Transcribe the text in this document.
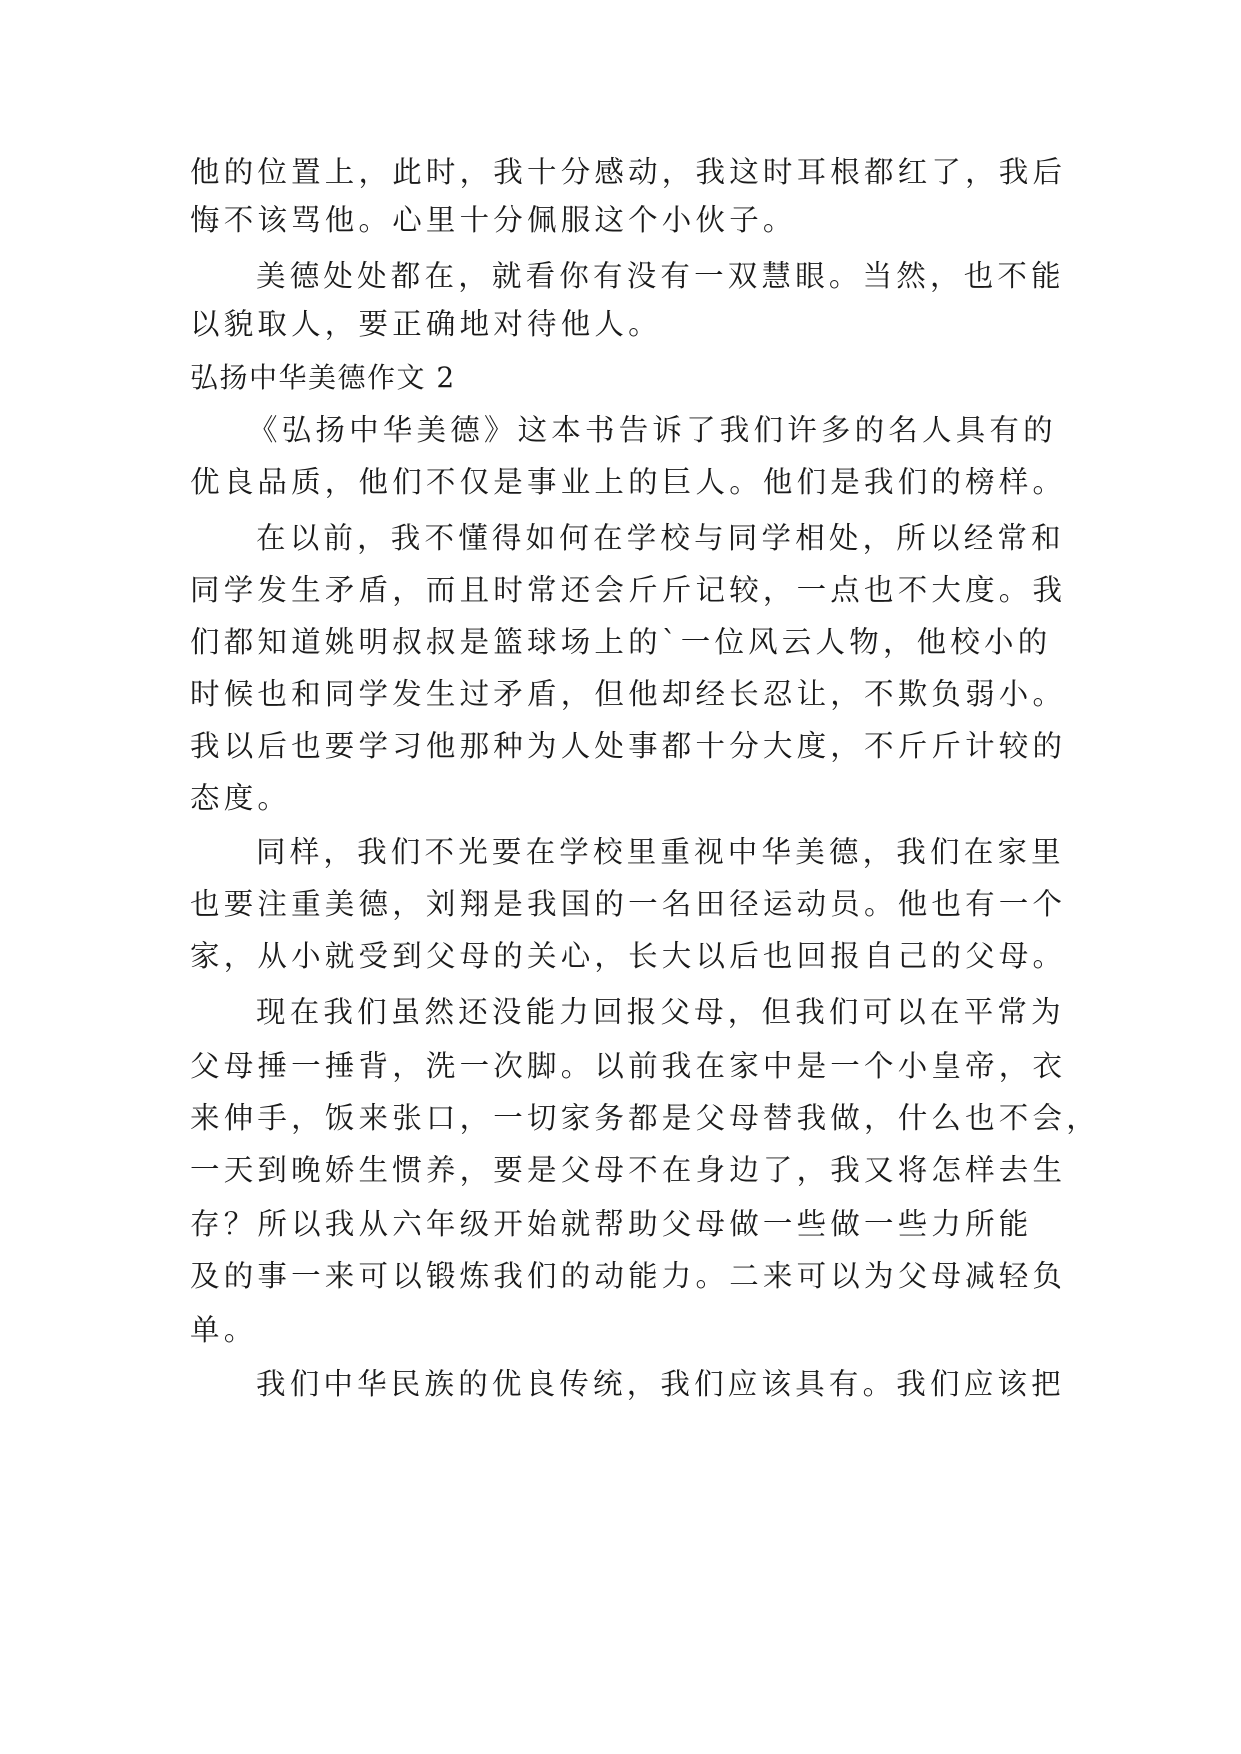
他的位置上，此时，我十分感动，我这时耳根都红了，我后
悔不该骂他。心里十分佩服这个小伙子。
美德处处都在，就看你有没有一双慧眼。当然，也不能
以貌取人，要正确地对待他人。
弘扬中华美德作文 2
《弘扬中华美德》这本书告诉了我们许多的名人具有的
优良品质，他们不仅是事业上的巨人。他们是我们的榜样。
在以前，我不懂得如何在学校与同学相处，所以经常和
同学发生矛盾，而且时常还会斤斤记较，一点也不大度。我
们都知道姚明叔叔是篮球场上的`一位风云人物，他校小的
时候也和同学发生过矛盾，但他却经长忍让，不欺负弱小。
我以后也要学习他那种为人处事都十分大度，不斤斤计较的
态度。
同样，我们不光要在学校里重视中华美德，我们在家里
也要注重美德，刘翔是我国的一名田径运动员。他也有一个
家，从小就受到父母的关心，长大以后也回报自己的父母。
现在我们虽然还没能力回报父母，但我们可以在平常为
父母捶一捶背，洗一次脚。以前我在家中是一个小皇帝，衣
来伸手，饭来张口，一切家务都是父母替我做，什么也不会，
一天到晚娇生惯养，要是父母不在身边了，我又将怎样去生
存？所以我从六年级开始就帮助父母做一些做一些力所能
及的事一来可以锻炼我们的动能力。二来可以为父母减轻负
单。
我们中华民族的优良传统，我们应该具有。我们应该把
